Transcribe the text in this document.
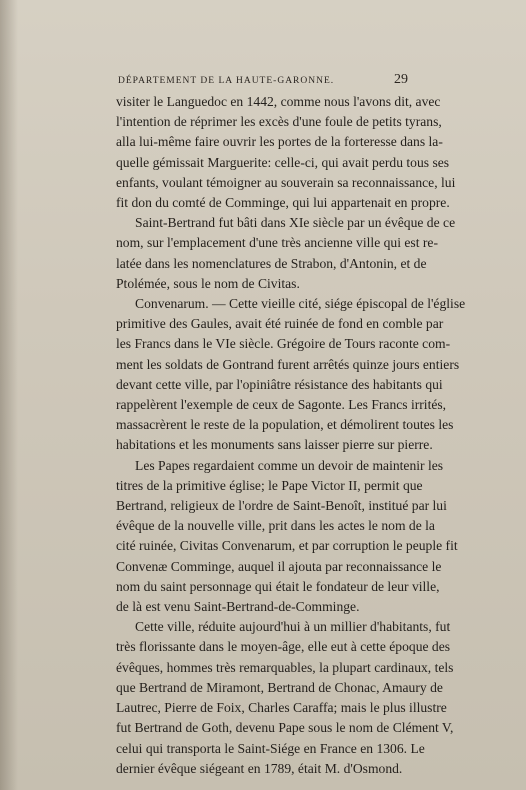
DÉPARTEMENT DE LA HAUTE-GARONNE.	29

visiter le Languedoc en 1442, comme nous l'avons dit, avec
l'intention de réprimer les excès d'une foule de petits tyrans,
alla lui-même faire ouvrir les portes de la forteresse dans la-
quelle gémissait Marguerite: celle-ci, qui avait perdu tous ses
enfants, voulant témoigner au souverain sa reconnaissance, lui
fit don du comté de Comminge, qui lui appartenait en propre.

Saint-Bertrand fut bâti dans XIe siècle par un évêque de ce
nom, sur l'emplacement d'une très ancienne ville qui est re-
latée dans les nomenclatures de Strabon, d'Antonin, et de
Ptolémée, sous le nom de Civitas.

Convenarum. — Cette vieille cité, siége épiscopal de l'église
primitive des Gaules, avait été ruinée de fond en comble par
les Francs dans le VIe siècle. Grégoire de Tours raconte com-
ment les soldats de Gontrand furent arrêtés quinze jours entiers
devant cette ville, par l'opiniâtre résistance des habitants qui
rappelèrent l'exemple de ceux de Sagonte. Les Francs irrités,
massacrèrent le reste de la population, et démolirent toutes les
habitations et les monuments sans laisser pierre sur pierre.

Les Papes regardaient comme un devoir de maintenir les
titres de la primitive église; le Pape Victor II, permit que
Bertrand, religieux de l'ordre de Saint-Benoît, institué par lui
évêque de la nouvelle ville, prit dans les actes le nom de la
cité ruinée, Civitas Convenarum, et par corruption le peuple fit
Convenæ Comminge, auquel il ajouta par reconnaissance le
nom du saint personnage qui était le fondateur de leur ville,
de là est venu Saint-Bertrand-de-Comminge.

Cette ville, réduite aujourd'hui à un millier d'habitants, fut
très florissante dans le moyen-âge, elle eut à cette époque des
évêques, hommes très remarquables, la plupart cardinaux, tels
que Bertrand de Miramont, Bertrand de Chonac, Amaury de
Lautrec, Pierre de Foix, Charles Caraffa; mais le plus illustre
fut Bertrand de Goth, devenu Pape sous le nom de Clément V,
celui qui transporta le Saint-Siége en France en 1306. Le
dernier évêque siégeant en 1789, était M. d'Osmond.
